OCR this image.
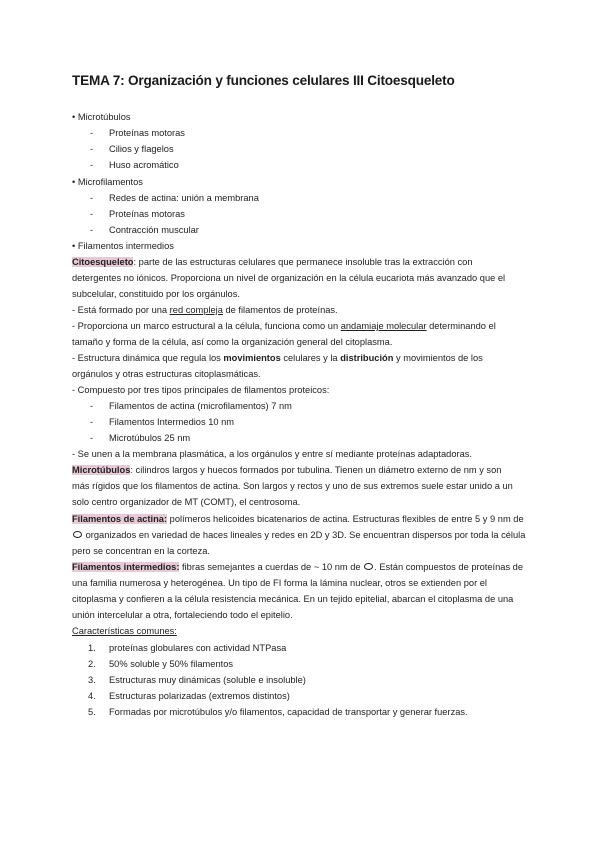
TEMA 7: Organización y funciones celulares III Citoesqueleto
• Microtúbulos
- Proteínas motoras
- Cilios y flagelos
- Huso acromático
• Microfilamentos
- Redes de actina: unión a membrana
- Proteínas motoras
- Contracción muscular
• Filamentos intermedios
Citoesqueleto: parte de las estructuras celulares que permanece insoluble tras la extracción con
detergentes no iónicos. Proporciona un nivel de organización en la célula eucariota más avanzado que el
subcelular, constituido por los orgánulos.
- Está formado por una red compleja de filamentos de proteínas.
- Proporciona un marco estructural a la célula, funciona como un andamiaje molecular determinando el
tamaño y forma de la célula, así como la organización general del citoplasma.
- Estructura dinámica que regula los movimientos celulares y la distribución y movimientos de los
orgánulos y otras estructuras citoplasmáticas.
- Compuesto por tres tipos principales de filamentos proteicos:
- Filamentos de actina (microfilamentos) 7 nm
- Filamentos Intermedios 10 nm
- Microtúbulos 25 nm
- Se unen a la membrana plasmática, a los orgánulos y entre sí mediante proteínas adaptadoras.
Microtúbulos: cilindros largos y huecos formados por tubulina. Tienen un diámetro externo de nm y son
más rígidos que los filamentos de actina. Son largos y rectos y uno de sus extremos suele estar unido a un
solo centro organizador de MT (COMT), el centrosoma.
Filamentos de actina: polímeros helicoides bicatenarios de actina. Estructuras flexibles de entre 5 y 9 nm de
organizados en variedad de haces lineales y redes en 2D y 3D. Se encuentran dispersos por toda la célula
pero se concentran en la corteza.
Filamentos intermedios: fibras semejantes a cuerdas de ~ 10 nm de . Están compuestos de proteínas de
una familia numerosa y heterogénea. Un tipo de FI forma la lámina nuclear, otros se extienden por el
citoplasma y confieren a la célula resistencia mecánica. En un tejido epitelial, abarcan el citoplasma de una
unión intercelular a otra, fortaleciendo todo el epitelio.
Características comunes:
1. proteínas globulares con actividad NTPasa
2. 50% soluble y 50% filamentos
3. Estructuras muy dinámicas (soluble e insoluble)
4. Estructuras polarizadas (extremos distintos)
5. Formadas por microtúbulos y/o filamentos, capacidad de transportar y generar fuerzas.
